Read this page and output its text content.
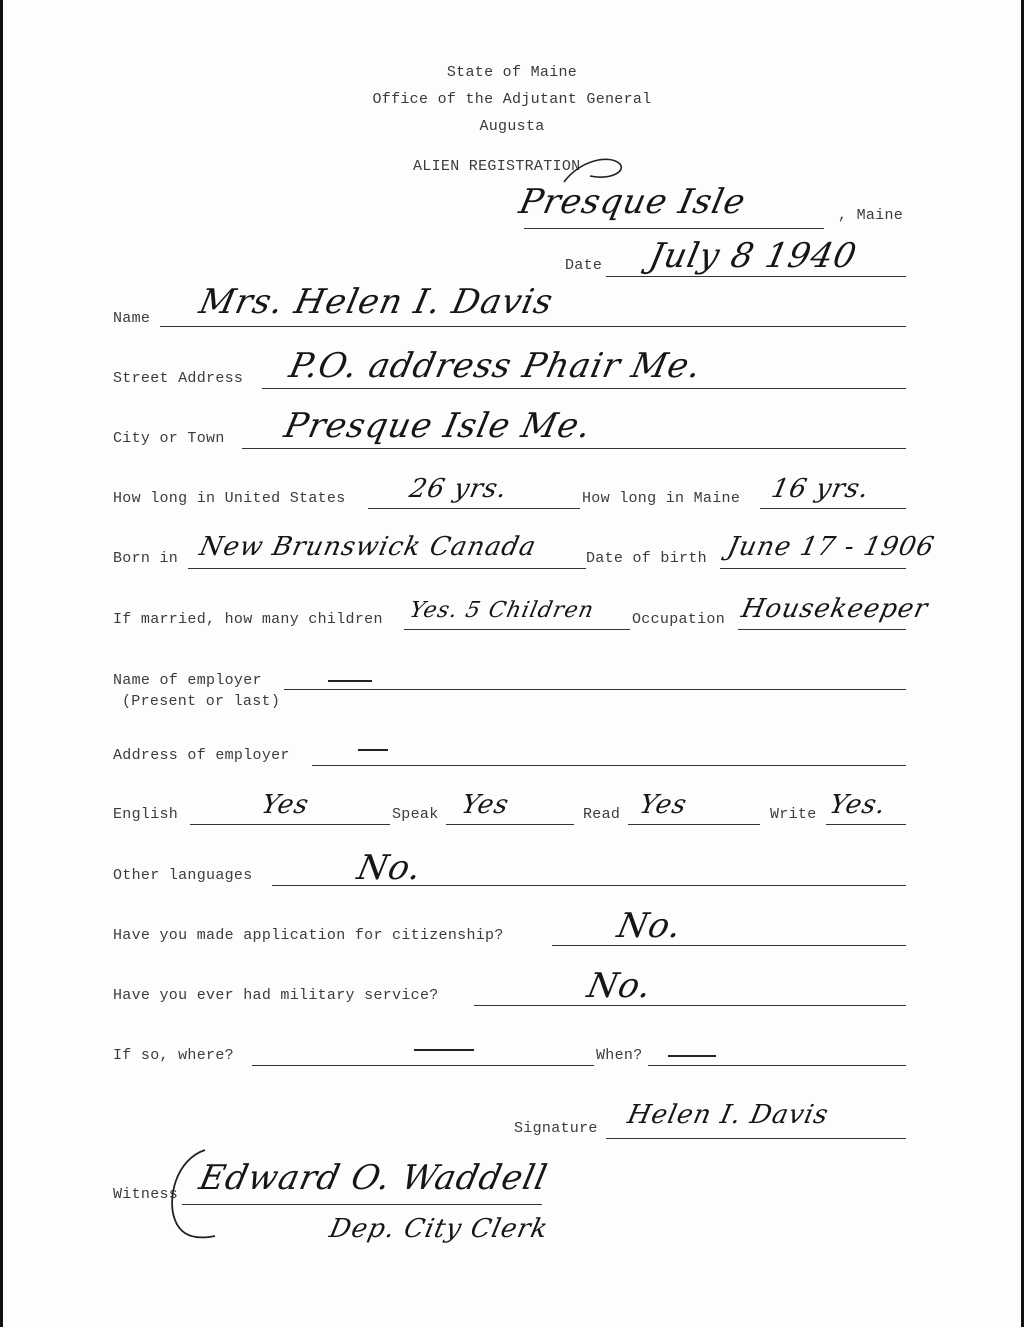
State of Maine
Office of the Adjutant General
Augusta
ALIEN REGISTRATION
Presque Isle	, Maine
Date July 8 1940
Name Mrs. Helen I. Davis
Street Address P.O. address Phair Me.
City or Town Presque Isle Me.
How long in United States 26 yrs.	How long in Maine 16 yrs.
Born in New Brunswick Canada	Date of birth June 17 - 1906
If married, how many children Yes. 5 Children Occupation Housekeeper
Name of employer
(Present or last)
Address of employer
English	Yes	Speak Yes	Read Yes	Write Yes.
Other languages	No.
Have you made application for citizenship?	No.
Have you ever had military service?	No.
If so, where?	When?
Signature Helen I. Davis
Witness Edward O. Waddell
Dep. City Clerk
